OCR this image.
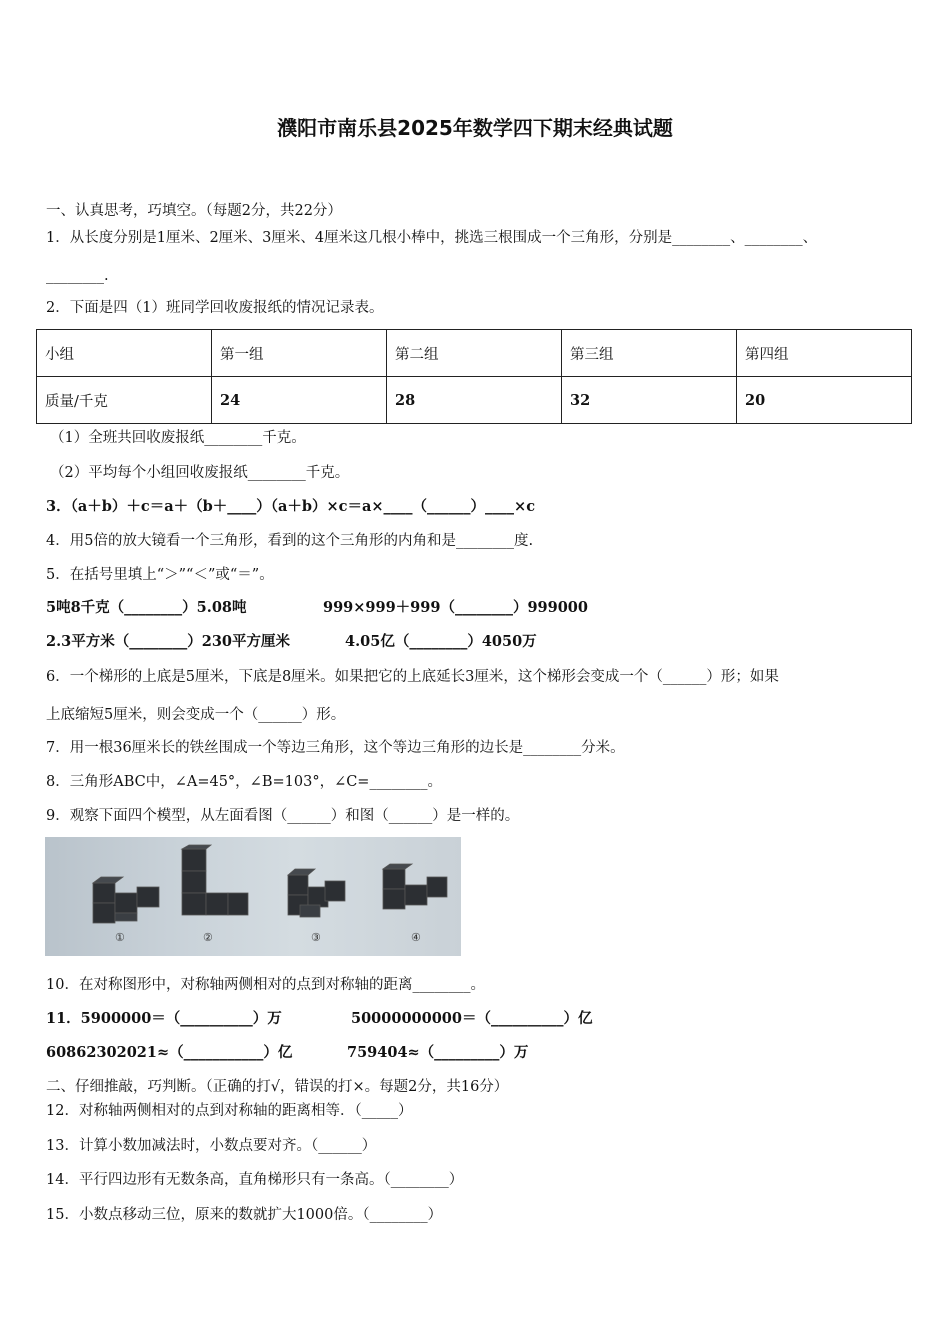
濮阳市南乐县2025年数学四下期末经典试题
一、认真思考，巧填空。（每题2分，共22分）
1．从长度分别是1厘米、2厘米、3厘米、4厘米这几根小棒中，挑选三根围成一个三角形，分别是________、________、
________.
2．下面是四（1）班同学回收废报纸的情况记录表。
小组	第一组	第二组	第三组	第四组
质量/千克	24	28	32	20
（1）全班共回收废报纸________千克。
（2）平均每个小组回收废报纸________千克。
3．（a＋b）＋c＝a＋（b＋____）（a＋b）×c＝a×____（______）____×c
4．用5倍的放大镜看一个三角形，看到的这个三角形的内角和是________度.
5．在括号里填上“＞”“＜”或“＝”。
5吨8千克（________）5.08吨	999×999＋999（________）999000
2.3平方米（________）230平方厘米	4.05亿（________）4050万
6．一个梯形的上底是5厘米，下底是8厘米。如果把它的上底延长3厘米，这个梯形会变成一个（______）形；如果
上底缩短5厘米，则会变成一个（______）形。
7．用一根36厘米长的铁丝围成一个等边三角形，这个等边三角形的边长是________分米。
8．三角形ABC中，∠A=45°，∠B=103°，∠C=________。
9．观察下面四个模型，从左面看图（______）和图（______）是一样的。
①	②	③	④
10．在对称图形中，对称轴两侧相对的点到对称轴的距离________。
11．5900000＝（__________）万	50000000000＝（__________）亿
60862302021≈（___________）亿	759404≈（_________）万
二、仔细推敲，巧判断。（正确的打√，错误的打×。每题2分，共16分）
12．对称轴两侧相对的点到对称轴的距离相等．（_____）
13．计算小数加减法时，小数点要对齐。（______）
14．平行四边形有无数条高，直角梯形只有一条高。（________）
15．小数点移动三位，原来的数就扩大1000倍。（________）
